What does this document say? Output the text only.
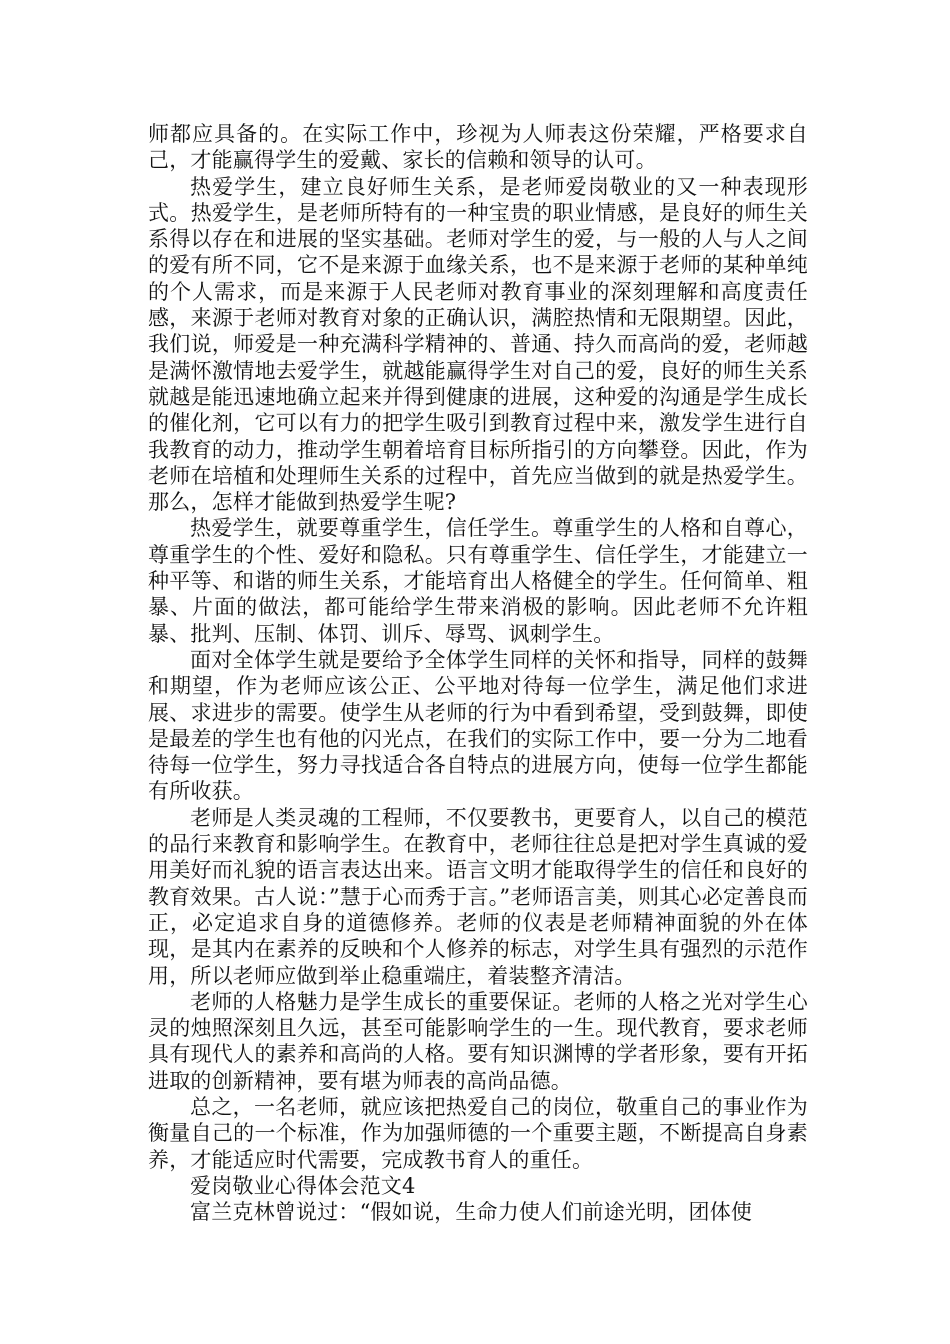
师都应具备的。在实际工作中，珍视为人师表这份荣耀，严格要求自己，才能赢得学生的爱戴、家长的信赖和领导的认可。

热爱学生，建立良好师生关系，是老师爱岗敬业的又一种表现形式。热爱学生，是老师所特有的一种宝贵的职业情感，是良好的师生关系得以存在和进展的坚实基础。老师对学生的爱，与一般的人与人之间的爱有所不同，它不是来源于血缘关系，也不是来源于老师的某种单纯的个人需求，而是来源于人民老师对教育事业的深刻理解和高度责任感，来源于老师对教育对象的正确认识，满腔热情和无限期望。因此，我们说，师爱是一种充满科学精神的、普通、持久而高尚的爱，老师越是满怀激情地去爱学生，就越能赢得学生对自己的爱，良好的师生关系就越是能迅速地确立起来并得到健康的进展，这种爱的沟通是学生成长的催化剂，它可以有力的把学生吸引到教育过程中来，激发学生进行自我教育的动力，推动学生朝着培育目标所指引的方向攀登。因此，作为老师在培植和处理师生关系的过程中，首先应当做到的就是热爱学生。那么，怎样才能做到热爱学生呢?

热爱学生，就要尊重学生，信任学生。尊重学生的人格和自尊心，尊重学生的个性、爱好和隐私。只有尊重学生、信任学生，才能建立一种平等、和谐的师生关系，才能培育出人格健全的学生。任何简单、粗暴、片面的做法，都可能给学生带来消极的影响。因此老师不允许粗暴、批判、压制、体罚、训斥、辱骂、讽刺学生。

面对全体学生就是要给予全体学生同样的关怀和指导，同样的鼓舞和期望，作为老师应该公正、公平地对待每一位学生，满足他们求进展、求进步的需要。使学生从老师的行为中看到希望，受到鼓舞，即使是最差的学生也有他的闪光点，在我们的实际工作中，要一分为二地看待每一位学生，努力寻找适合各自特点的进展方向，使每一位学生都能有所收获。

老师是人类灵魂的工程师，不仅要教书，更要育人，以自己的模范的品行来教育和影响学生。在教育中，老师往往总是把对学生真诚的爱用美好而礼貌的语言表达出来。语言文明才能取得学生的信任和良好的教育效果。古人说：”慧于心而秀于言。”老师语言美，则其心必定善良而正，必定追求自身的道德修养。老师的仪表是老师精神面貌的外在体现，是其内在素养的反映和个人修养的标志，对学生具有强烈的示范作用，所以老师应做到举止稳重端庄，着装整齐清洁。

老师的人格魅力是学生成长的重要保证。老师的人格之光对学生心灵的烛照深刻且久远，甚至可能影响学生的一生。现代教育，要求老师具有现代人的素养和高尚的人格。要有知识渊博的学者形象，要有开拓进取的创新精神，要有堪为师表的高尚品德。

总之，一名老师，就应该把热爱自己的岗位，敬重自己的事业作为衡量自己的一个标准，作为加强师德的一个重要主题，不断提高自身素养，才能适应时代需要，完成教书育人的重任。

爱岗敬业心得体会范文4

富兰克林曾说过：“假如说，生命力使人们前途光明，团体使
